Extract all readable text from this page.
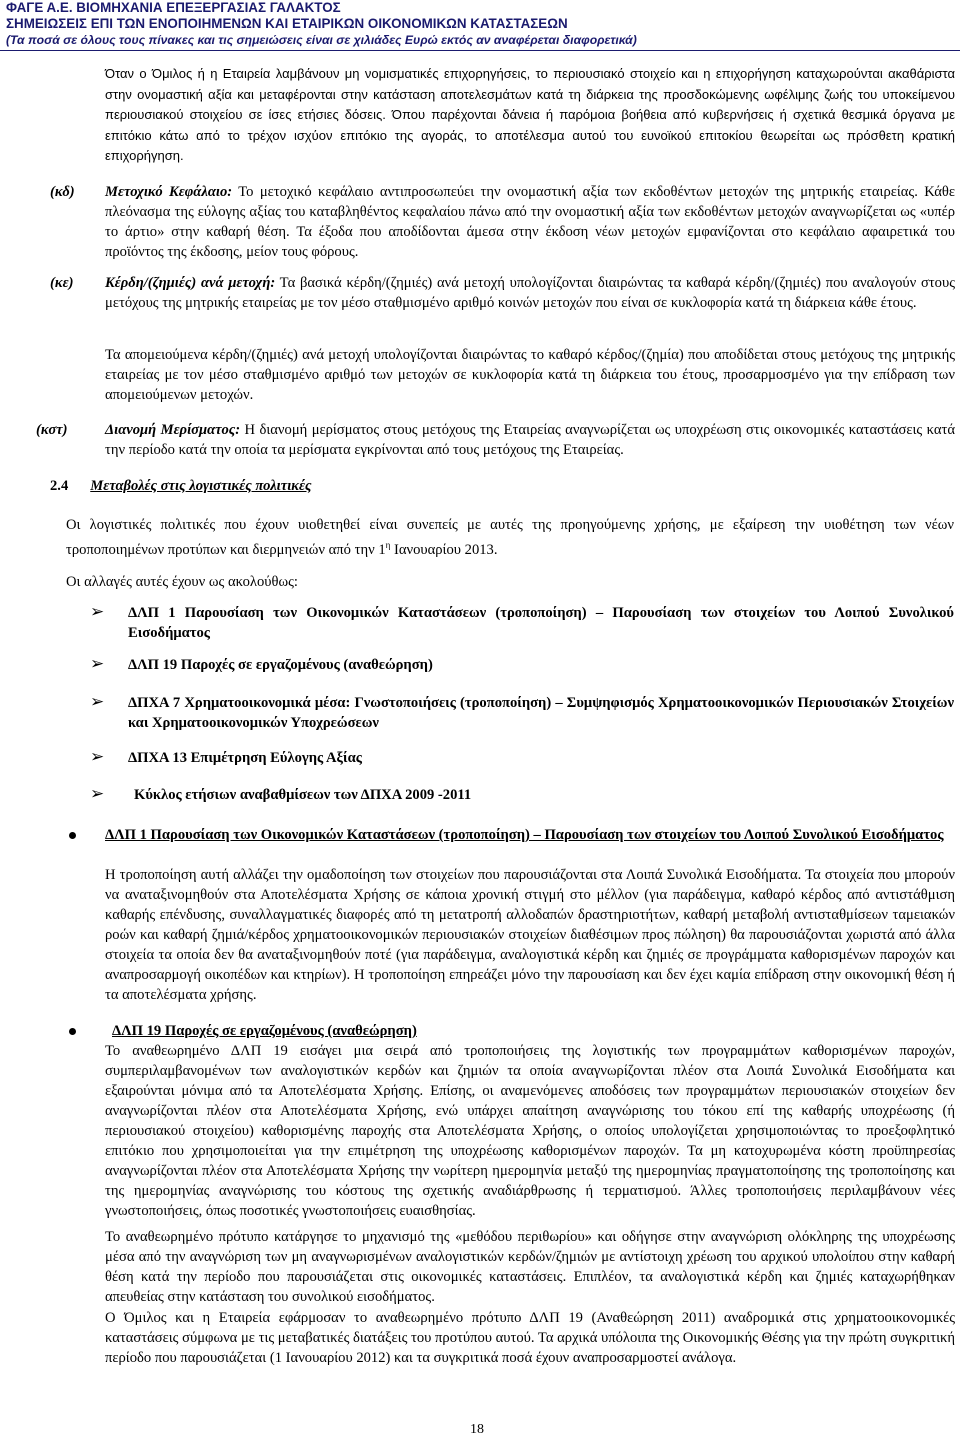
ΦΑΓΕ Α.Ε. ΒΙΟΜΗΧΑΝΙΑ ΕΠΕΞΕΡΓΑΣΙΑΣ ΓΑΛΑΚΤΟΣ
ΣΗΜΕΙΩΣΕΙΣ ΕΠΙ ΤΩΝ ΕΝΟΠΟΙΗΜΕΝΩΝ ΚΑΙ ΕΤΑΙΡΙΚΩΝ ΟΙΚΟΝΟΜΙΚΩΝ ΚΑΤΑΣΤΑΣΕΩΝ
(Τα ποσά σε όλους τους πίνακες και τις σημειώσεις είναι σε χιλιάδες Ευρώ εκτός αν αναφέρεται διαφορετικά)
Όταν ο Όμιλος ή η Εταιρεία λαμβάνουν μη νομισματικές επιχορηγήσεις, το περιουσιακό στοιχείο και η επιχορήγηση καταχωρούνται ακαθάριστα στην ονομαστική αξία και μεταφέρονται στην κατάσταση αποτελεσμάτων κατά τη διάρκεια της προσδοκώμενης ωφέλιμης ζωής του υποκείμενου περιουσιακού στοιχείου σε ίσες ετήσιες δόσεις. Όπου παρέχονται δάνεια ή παρόμοια βοήθεια από κυβερνήσεις ή σχετικά θεσμικά όργανα με επιτόκιο κάτω από το τρέχον ισχύον επιτόκιο της αγοράς, το αποτέλεσμα αυτού του ευνοϊκού επιτοκίου θεωρείται ως πρόσθετη κρατική επιχορήγηση.
(κδ) Μετοχικό Κεφάλαιο: Το μετοχικό κεφάλαιο αντιπροσωπεύει την ονομαστική αξία των εκδοθέντων μετοχών της μητρικής εταιρείας. Κάθε πλεόνασμα της εύλογης αξίας του καταβληθέντος κεφαλαίου πάνω από την ονομαστική αξία των εκδοθέντων μετοχών αναγνωρίζεται ως «υπέρ το άρτιο» στην καθαρή θέση. Τα έξοδα που αποδίδονται άμεσα στην έκδοση νέων μετοχών εμφανίζονται στο κεφάλαιο αφαιρετικά του προϊόντος της έκδοσης, μείον τους φόρους.
(κε) Κέρδη/(ζημιές) ανά μετοχή: Τα βασικά κέρδη/(ζημιές) ανά μετοχή υπολογίζονται διαιρώντας τα καθαρά κέρδη/(ζημιές) που αναλογούν στους μετόχους της μητρικής εταιρείας με τον μέσο σταθμισμένο αριθμό κοινών μετοχών που είναι σε κυκλοφορία κατά τη διάρκεια κάθε έτους.
Τα απομειούμενα κέρδη/(ζημιές) ανά μετοχή υπολογίζονται διαιρώντας το καθαρό κέρδος/(ζημία) που αποδίδεται στους μετόχους της μητρικής εταιρείας με τον μέσο σταθμισμένο αριθμό των μετοχών σε κυκλοφορία κατά τη διάρκεια του έτους, προσαρμοσμένο για την επίδραση των απομειούμενων μετοχών.
(κστ)	Διανομή Μερίσματος: Η διανομή μερίσματος στους μετόχους της Εταιρείας αναγνωρίζεται ως υποχρέωση στις οικονομικές καταστάσεις κατά την περίοδο κατά την οποία τα μερίσματα εγκρίνονται από τους μετόχους της Εταιρείας.
2.4 Μεταβολές στις λογιστικές πολιτικές
Οι λογιστικές πολιτικές που έχουν υιοθετηθεί είναι συνεπείς με αυτές της προηγούμενης χρήσης, με εξαίρεση την υιοθέτηση των νέων τροποποιημένων προτύπων και διερμηνειών από την $1^\eta$ Ιανουαρίου 2013.
Οι αλλαγές αυτές έχουν ως ακολούθως:
➢ ΔΛΠ 1 Παρουσίαση των Οικονομικών Καταστάσεων (τροποποίηση) – Παρουσίαση των στοιχείων του Λοιπού Συνολικού Εισοδήματος
➢ ΔΛΠ 19 Παροχές σε εργαζομένους (αναθεώρηση)
➢ ΔΠΧΑ 7 Χρηματοοικονομικά μέσα: Γνωστοποιήσεις (τροποποίηση) – Συμψηφισμός Χρηματοοικονομικών Περιουσιακών Στοιχείων και Χρηματοοικονομικών Υποχρεώσεων
➢ ΔΠΧΑ 13 Επιμέτρηση Εύλογης Αξίας
➢ Κύκλος ετήσιων αναβαθμίσεων των ΔΠΧΑ 2009 -2011
ΔΛΠ 1 Παρουσίαση των Οικονομικών Καταστάσεων (τροποποίηση) – Παρουσίαση των στοιχείων του Λοιπού Συνολικού Εισοδήματος
Η τροποποίηση αυτή αλλάζει την ομαδοποίηση των στοιχείων που παρουσιάζονται στα Λοιπά Συνολικά Εισοδήματα. Τα στοιχεία που μπορούν να αναταξινομηθούν στα Αποτελέσματα Χρήσης σε κάποια χρονική στιγμή στο μέλλον (για παράδειγμα, καθαρό κέρδος από αντιστάθμιση καθαρής επένδυσης, συναλλαγματικές διαφορές από τη μετατροπή αλλοδαπών δραστηριοτήτων, καθαρή μεταβολή αντισταθμίσεων ταμειακών ροών και καθαρή ζημιά/κέρδος χρηματοοικονομικών περιουσιακών στοιχείων διαθέσιμων προς πώληση) θα παρουσιάζονται χωριστά από άλλα στοιχεία τα οποία δεν θα αναταξινομηθούν ποτέ (για παράδειγμα, αναλογιστικά κέρδη και ζημιές σε προγράμματα καθορισμένων παροχών και αναπροσαρμογή οικοπέδων και κτηρίων). Η τροποποίηση επηρεάζει μόνο την παρουσίαση και δεν έχει καμία επίδραση στην οικονομική θέση ή τα αποτελέσματα χρήσης.
ΔΛΠ 19 Παροχές σε εργαζομένους (αναθεώρηση)
Το αναθεωρημένο ΔΛΠ 19 εισάγει μια σειρά από τροποποιήσεις της λογιστικής των προγραμμάτων καθορισμένων παροχών, συμπεριλαμβανομένων των αναλογιστικών κερδών και ζημιών τα οποία αναγνωρίζονται πλέον στα Λοιπά Συνολικά Εισοδήματα και εξαιρούνται μόνιμα από τα Αποτελέσματα Χρήσης. Επίσης, οι αναμενόμενες αποδόσεις των προγραμμάτων περιουσιακών στοιχείων δεν αναγνωρίζονται πλέον στα Αποτελέσματα Χρήσης, ενώ υπάρχει απαίτηση αναγνώρισης του τόκου επί της καθαρής υποχρέωσης (ή περιουσιακού στοιχείου) καθορισμένης παροχής στα Αποτελέσματα Χρήσης, ο οποίος υπολογίζεται χρησιμοποιώντας το προεξοφλητικό επιτόκιο που χρησιμοποιείται για την επιμέτρηση της υποχρέωσης καθορισμένων παροχών. Τα μη κατοχυρωμένα κόστη προϋπηρεσίας αναγνωρίζονται πλέον στα Αποτελέσματα Χρήσης την νωρίτερη ημερομηνία μεταξύ της ημερομηνίας πραγματοποίησης της τροποποίησης και της ημερομηνίας αναγνώρισης του κόστους της σχετικής αναδιάρθρωσης ή τερματισμού. Άλλες τροποποιήσεις περιλαμβάνουν νέες γνωστοποιήσεις, όπως ποσοτικές γνωστοποιήσεις ευαισθησίας.
Το αναθεωρημένο πρότυπο κατάργησε το μηχανισμό της «μεθόδου περιθωρίου» και οδήγησε στην αναγνώριση ολόκληρης της υποχρέωσης μέσα από την αναγνώριση των μη αναγνωρισμένων αναλογιστικών κερδών/ζημιών με αντίστοιχη χρέωση του αρχικού υπολοίπου στην καθαρή θέση κατά την περίοδο που παρουσιάζεται στις οικονομικές καταστάσεις. Επιπλέον, τα αναλογιστικά κέρδη και ζημιές καταχωρήθηκαν απευθείας στην κατάσταση του συνολικού εισοδήματος.
Ο Όμιλος και η Εταιρεία εφάρμοσαν το αναθεωρημένο πρότυπο ΔΛΠ 19 (Αναθεώρηση 2011) αναδρομικά στις χρηματοοικονομικές καταστάσεις σύμφωνα με τις μεταβατικές διατάξεις του προτύπου αυτού. Τα αρχικά υπόλοιπα της Οικονομικής Θέσης για την πρώτη συγκριτική περίοδο που παρουσιάζεται (1 Ιανουαρίου 2012) και τα συγκριτικά ποσά έχουν αναπροσαρμοστεί ανάλογα.
18
